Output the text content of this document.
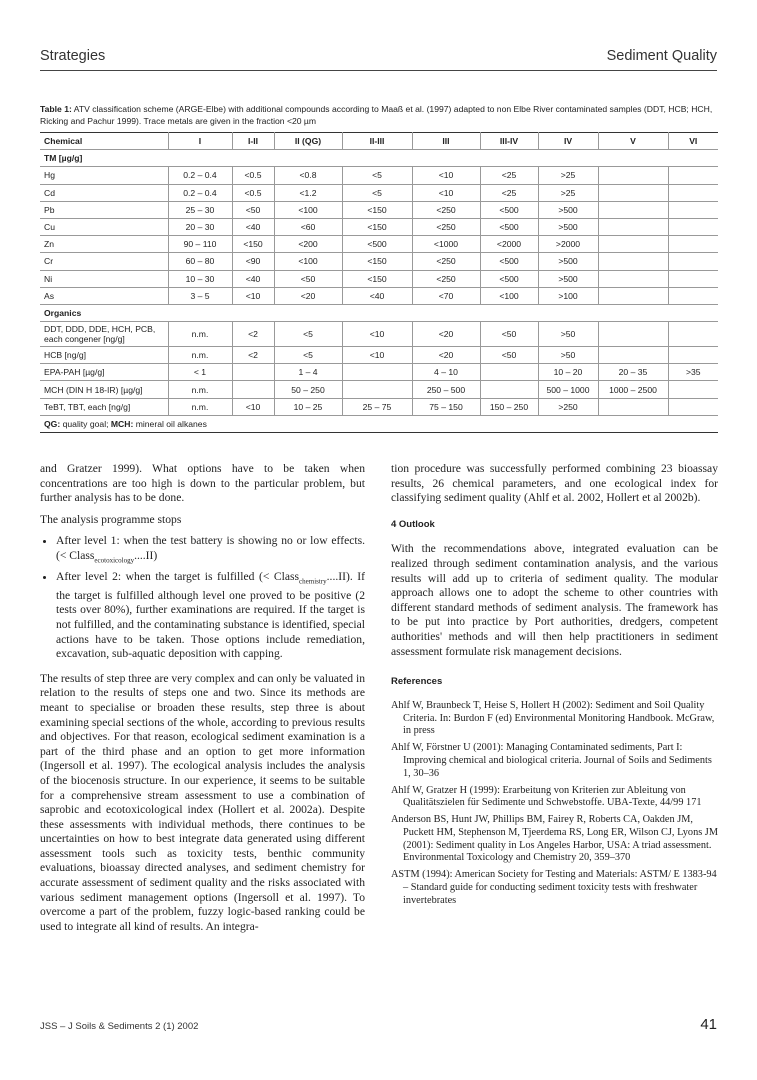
Strategies	Sediment Quality
Table 1: ATV classification scheme (ARGE-Elbe) with additional compounds according to Maaß et al. (1997) adapted to non Elbe River contaminated samples (DDT, HCB; HCH, Ricking and Pachur 1999). Trace metals are given in the fraction <20 µm
Chemical	I	I-II	II (QG)	II-III	III	III-IV	IV	V	VI
TM [µg/g]									
Hg	0.2 – 0.4	<0.5	<0.8	<5	<10	<25	>25		
Cd	0.2 – 0.4	<0.5	<1.2	<5	<10	<25	>25		
Pb	25 – 30	<50	<100	<150	<250	<500	>500		
Cu	20 – 30	<40	<60	<150	<250	<500	>500		
Zn	90 – 110	<150	<200	<500	<1000	<2000	>2000		
Cr	60 – 80	<90	<100	<150	<250	<500	>500		
Ni	10 – 30	<40	<50	<150	<250	<500	>500		
As	3 – 5	<10	<20	<40	<70	<100	>100		
Organics									
DDT, DDD, DDE, HCH, PCB, each congener [ng/g]	n.m.	<2	<5	<10	<20	<50	>50		
HCB [ng/g]	n.m.	<2	<5	<10	<20	<50	>50		
EPA-PAH [µg/g]	< 1		1 – 4		4 – 10		10 – 20	20 – 35	>35
MCH (DIN H 18-IR) [µg/g]	n.m.		50 – 250		250 – 500		500 – 1000	1000 – 2500	
TeBT, TBT, each [ng/g]	n.m.	<10	10 – 25	25 – 75	75 – 150	150 – 250	>250		
QG: quality goal; MCH: mineral oil alkanes									

and Gratzer 1999). What options have to be taken when concentrations are too high is down to the particular problem, but further analysis has to be done.

The analysis programme stops

• After level 1: when the test battery is showing no or low effects. (< Class$_{ecotoxicology}$....II)
• After level 2: when the target is fulfilled (< Class$_{chemistry}$....II). If the target is fulfilled although level one proved to be positive (2 tests over 80%), further examinations are required. If the target is not fulfilled, and the contaminating substance is identified, special actions have to be taken. Those options include remediation, excavation, sub-aquatic deposition with capping.

The results of step three are very complex and can only be valuated in relation to the results of steps one and two. Since its methods are meant to specialise or broaden these results, step three is about examining special sections of the whole, according to previous results and objectives. For that reason, ecological sediment examination is a part of the third phase and an option to get more information (Ingersoll et al. 1997). The ecological analysis includes the analysis of the biocenosis structure. In our experience, it seems to be suitable for a comprehensive stream assessment to use a combination of saprobic and ecotoxicological index (Hollert et al. 2002a). Despite these assessments with individual methods, there continues to be uncertainties on how to best integrate data generated using different assessment tools such as toxicity tests, benthic community evaluations, bioassay directed analyses, and sediment chemistry for accurate assessment of sediment quality and the risks associated with various sediment management options (Ingersoll et al. 1997). To overcome a part of the problem, fuzzy logic-based ranking could be used to integrate all kind of results. An integra-

tion procedure was successfully performed combining 23 bioassay results, 26 chemical parameters, and one ecological index for classifying sediment quality (Ahlf et al. 2002, Hollert et al 2002b).

4 Outlook

With the recommendations above, integrated evaluation can be realized through sediment contamination analysis, and the various results will add up to criteria of sediment quality. The modular approach allows one to adopt the scheme to other countries with different standard methods of sediment analysis. The framework has to be put into practice by Port authorities, dredgers, competent authorities' methods and will then help practitioners in sediment assessment formulate risk management decisions.

References

Ahlf W, Braunbeck T, Heise S, Hollert H (2002): Sediment and Soil Quality Criteria. In: Burdon F (ed) Environmental Monitoring Handbook. McGraw, in press

Ahlf W, Förstner U (2001): Managing Contaminated sediments, Part I: Improving chemical and biological criteria. Journal of Soils and Sediments 1, 30–36

Ahlf W, Gratzer H (1999): Erarbeitung von Kriterien zur Ableitung von Qualitätszielen für Sedimente und Schwebstoffe. UBA-Texte, 44/99 171

Anderson BS, Hunt JW, Phillips BM, Fairey R, Roberts CA, Oakden JM, Puckett HM, Stephenson M, Tjeerdema RS, Long ER, Wilson CJ, Lyons JM (2001): Sediment quality in Los Angeles Harbor, USA: A triad assessment. Environmental Toxicology and Chemistry 20, 359–370

ASTM (1994): American Society for Testing and Materials: ASTM/ E 1383-94 – Standard guide for conducting sediment toxicity tests with freshwater invertebrates

JSS – J Soils & Sediments 2 (1) 2002	41
